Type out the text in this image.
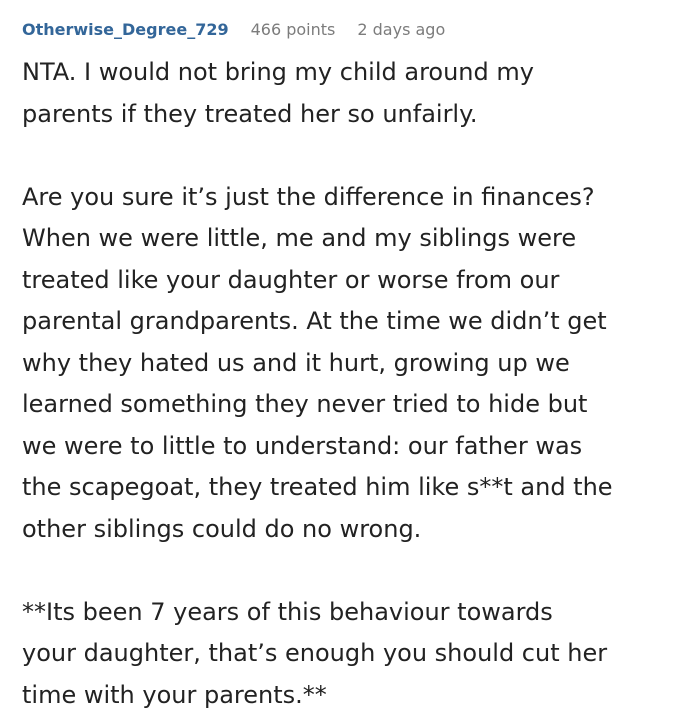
Otherwise_Degree_729 466 points 2 days ago

NTA. I would not bring my child around my
parents if they treated her so unfairly.

Are you sure it’s just the difference in finances?
When we were little, me and my siblings were
treated like your daughter or worse from our
parental grandparents. At the time we didn’t get
why they hated us and it hurt, growing up we
learned something they never tried to hide but
we were to little to understand: our father was
the scapegoat, they treated him like s**t and the
other siblings could do no wrong.

**Its been 7 years of this behaviour towards
your daughter, that’s enough you should cut her
time with your parents.**
